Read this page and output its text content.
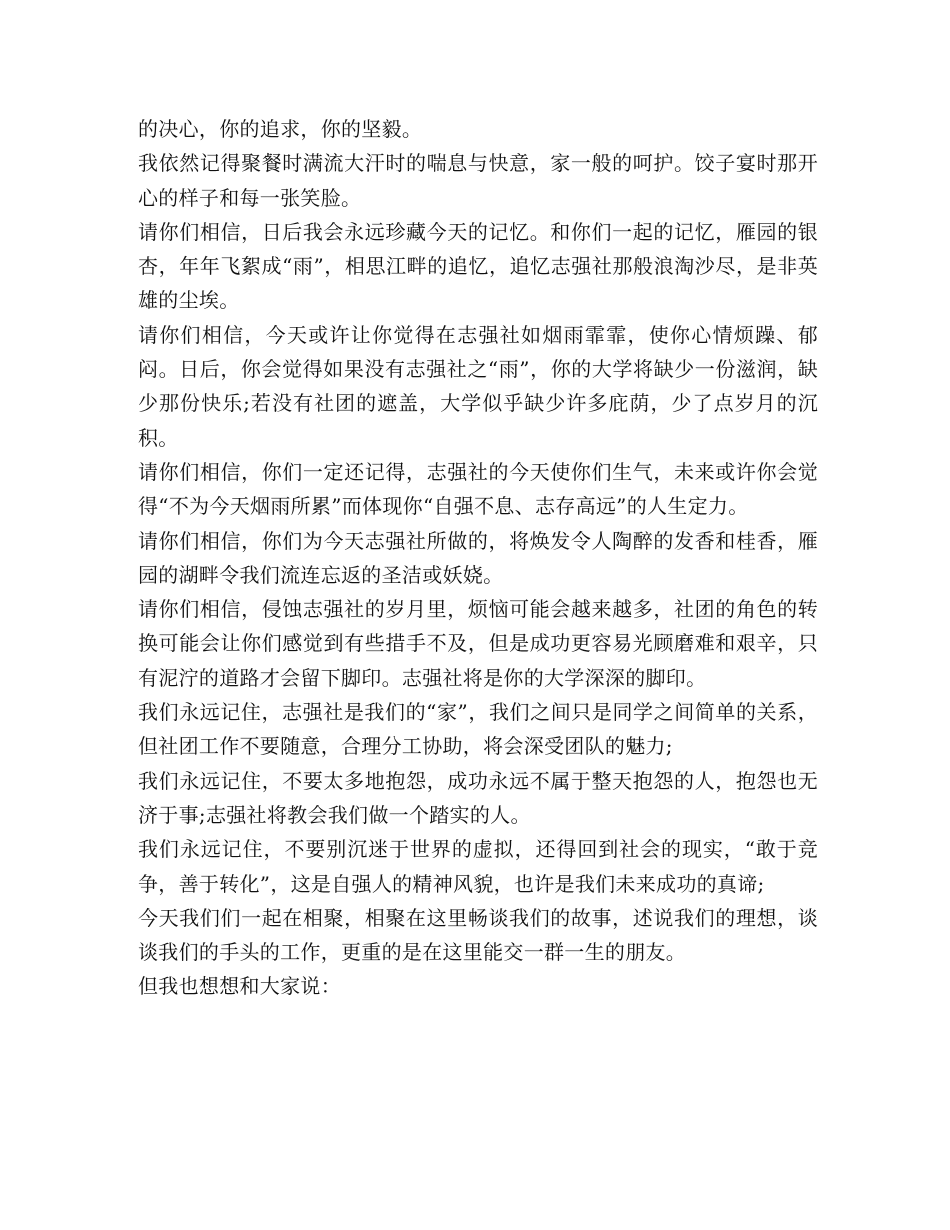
的决心，你的追求，你的坚毅。

我依然记得聚餐时满流大汗时的喘息与快意，家一般的呵护。饺子宴时那开心的样子和每一张笑脸。

请你们相信，日后我会永远珍藏今天的记忆。和你们一起的记忆，雁园的银杏，年年飞絮成“雨”，相思江畔的追忆，追忆志强社那般浪淘沙尽，是非英雄的尘埃。

请你们相信，今天或许让你觉得在志强社如烟雨霏霏，使你心情烦躁、郁闷。日后，你会觉得如果没有志强社之“雨”，你的大学将缺少一份滋润，缺少那份快乐;若没有社团的遮盖，大学似乎缺少许多庇荫，少了点岁月的沉积。

请你们相信，你们一定还记得，志强社的今天使你们生气，未来或许你会觉得“不为今天烟雨所累”而体现你“自强不息、志存高远”的人生定力。

请你们相信，你们为今天志强社所做的，将焕发令人陶醉的发香和桂香，雁园的湖畔令我们流连忘返的圣洁或妖娆。

请你们相信，侵蚀志强社的岁月里，烦恼可能会越来越多，社团的角色的转换可能会让你们感觉到有些措手不及，但是成功更容易光顾磨难和艰辛，只有泥泞的道路才会留下脚印。志强社将是你的大学深深的脚印。

我们永远记住，志强社是我们的“家”，我们之间只是同学之间简单的关系，但社团工作不要随意，合理分工协助，将会深受团队的魅力;

我们永远记住，不要太多地抱怨，成功永远不属于整天抱怨的人，抱怨也无济于事;志强社将教会我们做一个踏实的人。

我们永远记住，不要别沉迷于世界的虚拟，还得回到社会的现实，“敢于竞争，善于转化”，这是自强人的精神风貌，也许是我们未来成功的真谛;

今天我们们一起在相聚，相聚在这里畅谈我们的故事，述说我们的理想，谈谈我们的手头的工作，更重的是在这里能交一群一生的朋友。

但我也想想和大家说：
